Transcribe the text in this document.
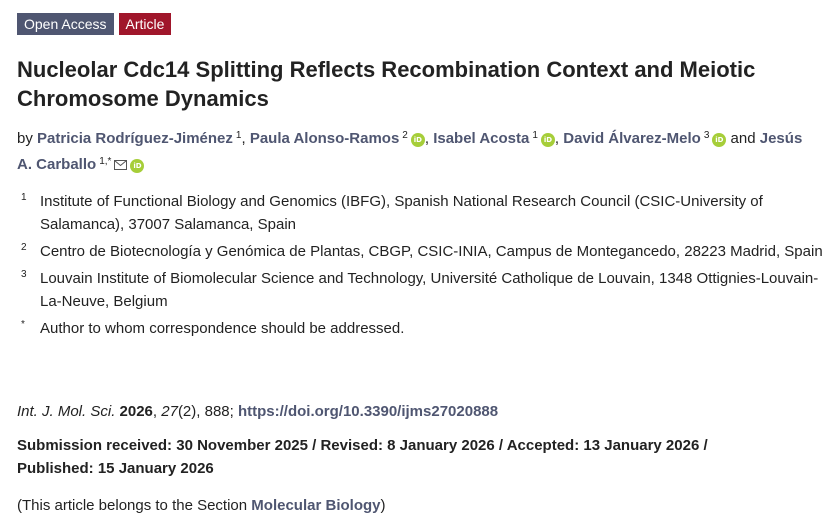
Open Access	Article
Nucleolar Cdc14 Splitting Reflects Recombination Context and Meiotic Chromosome Dynamics
by Patricia Rodríguez-Jiménez $^1$, Paula Alonso-Ramos $^2$ iD , Isabel Acosta $^1$ iD , David Álvarez-Melo $^3$ iD and Jesús A. Carballo $^{1,*}$	iD
1 Institute of Functional Biology and Genomics (IBFG), Spanish National Research Council (CSIC-University of Salamanca), 37007 Salamanca, Spain
2 Centro de Biotecnología y Genómica de Plantas, CBGP, CSIC-INIA, Campus de Montegancedo, 28223 Madrid, Spain
3 Louvain Institute of Biomolecular Science and Technology, Université Catholique de Louvain, 1348 Ottignies-Louvain-La-Neuve, Belgium
*	Author to whom correspondence should be addressed.
Int. J. Mol. Sci. 2026, 27(2), 888; https://doi.org/10.3390/ijms27020888
Submission received: 30 November 2025 / Revised: 8 January 2026 / Accepted: 13 January 2026 / Published: 15 January 2026
(This article belongs to the Section Molecular Biology)
